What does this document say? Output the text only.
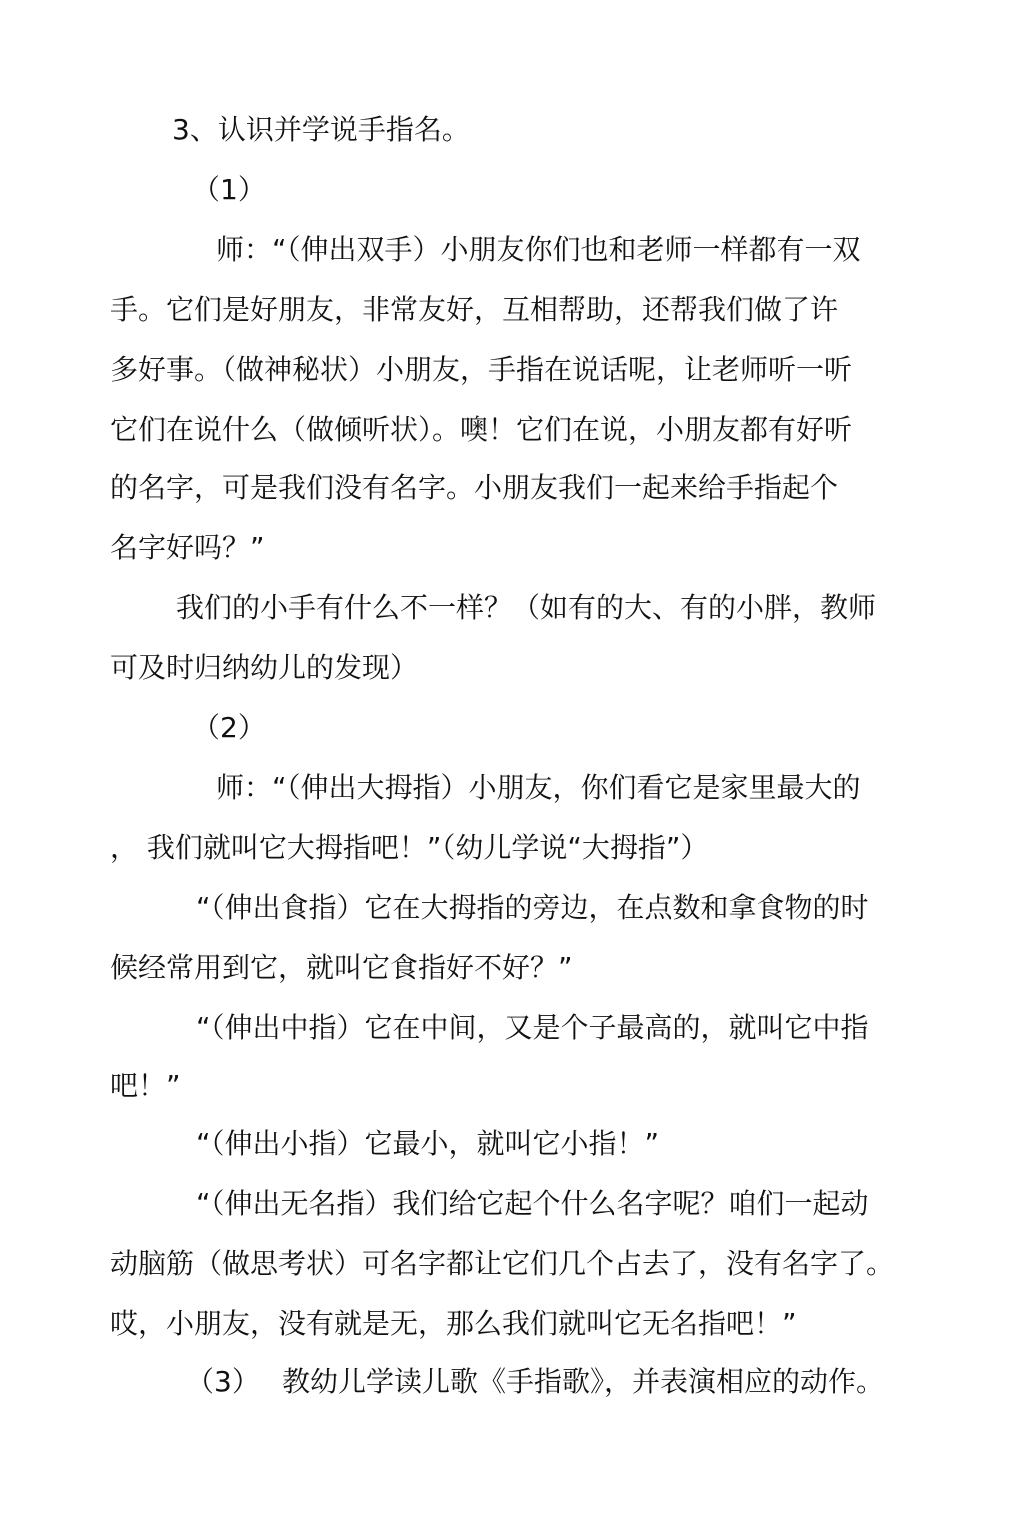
3、认识并学说手指名。
（1）
师：“（伸出双手）小朋友你们也和老师一样都有一双
手。它们是好朋友，非常友好，互相帮助，还帮我们做了许
多好事。（做神秘状）小朋友，手指在说话呢，让老师听一听
它们在说什么（做倾听状）。噢！它们在说，小朋友都有好听
的名字，可是我们没有名字。小朋友我们一起来给手指起个
名字好吗？”
我们的小手有什么不一样？（如有的大、有的小胖，教师
可及时归纳幼儿的发现）
（2）
师：“（伸出大拇指）小朋友，你们看它是家里最大的
， 我们就叫它大拇指吧！”（幼儿学说“大拇指”）
“（伸出食指）它在大拇指的旁边，在点数和拿食物的时
候经常用到它，就叫它食指好不好？”
“（伸出中指）它在中间，又是个子最高的，就叫它中指
吧！”
“（伸出小指）它最小，就叫它小指！”
“（伸出无名指）我们给它起个什么名字呢？咱们一起动
动脑筋（做思考状）可名字都让它们几个占去了，没有名字了。
哎，小朋友，没有就是无，那么我们就叫它无名指吧！”
（3） 教幼儿学读儿歌《手指歌》，并表演相应的动作。
